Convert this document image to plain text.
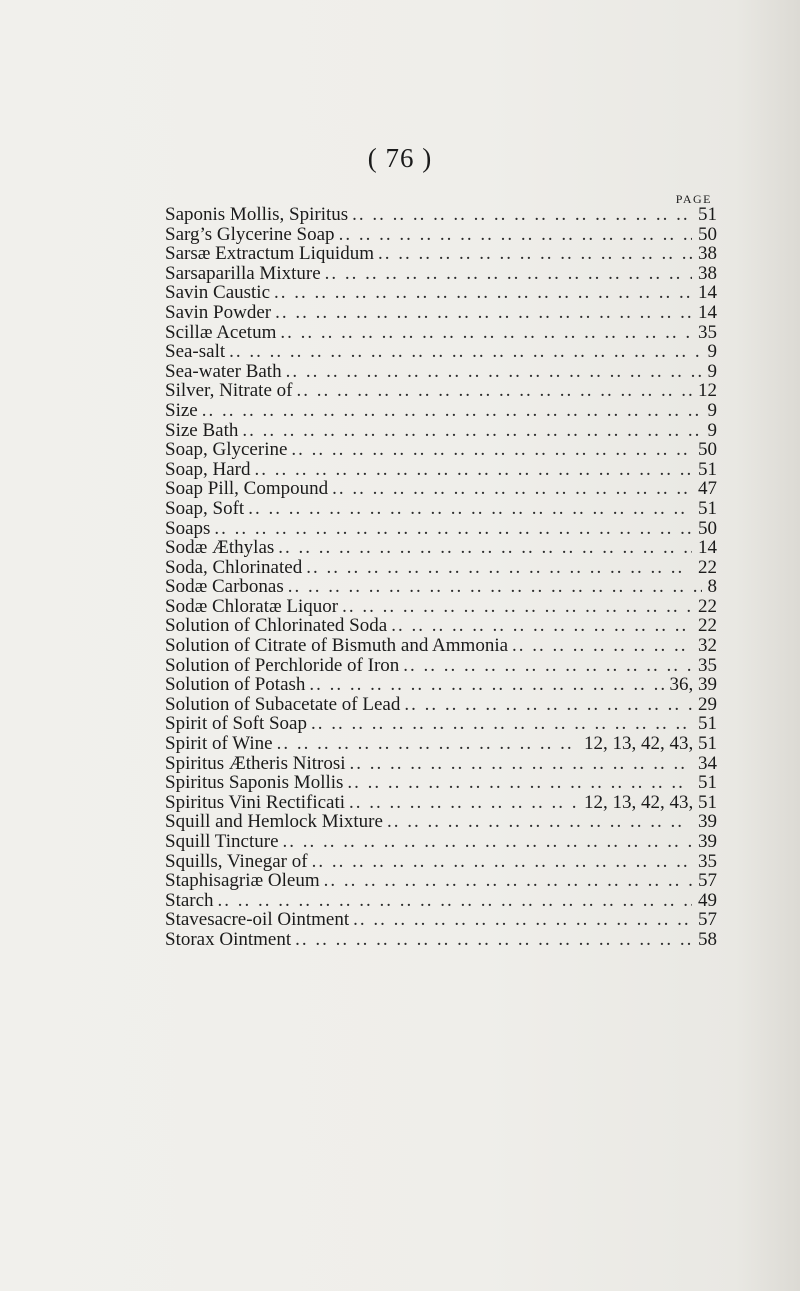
( 76 )
PAGE
Saponis Mollis, Spiritus .. ..	51
Sarg’s Glycerine Soap .. ..	50
Sarsæ Extractum Liquidum .. ..	38
Sarsaparilla Mixture .. ..	38
Savin Caustic .. ..	14
Savin Powder .. ..	14
Scillæ Acetum .. ..	35
Sea-salt .. ..	9
Sea-water Bath .. ..	9
Silver, Nitrate of .. ..	12
Size .. ..	9
Size Bath .. ..	9
Soap, Glycerine .. ..	50
Soap, Hard .. ..	51
Soap Pill, Compound .. ..	47
Soap, Soft .. ..	51
Soaps .. ..	50
Sodæ Æthylas .. ..	14
Soda, Chlorinated .. ..	22
Sodæ Carbonas .. ..	8
Sodæ Chloratæ Liquor .. ..	22
Solution of Chlorinated Soda .. ..	22
Solution of Citrate of Bismuth and Ammonia .. ..	32
Solution of Perchloride of Iron .. ..	35
Solution of Potash .. ..	36, 39
Solution of Subacetate of Lead .. ..	29
Spirit of Soft Soap .. ..	51
Spirit of Wine .. ..	12, 13, 42, 43, 51
Spiritus Ætheris Nitrosi .. ..	34
Spiritus Saponis Mollis .. ..	51
Spiritus Vini Rectificati .. ..	12, 13, 42, 43, 51
Squill and Hemlock Mixture .. ..	39
Squill Tincture .. ..	39
Squills, Vinegar of .. ..	35
Staphisagriæ Oleum .. ..	57
Starch .. ..	49
Stavesacre-oil Ointment .. ..	57
Storax Ointment .. ..	58
